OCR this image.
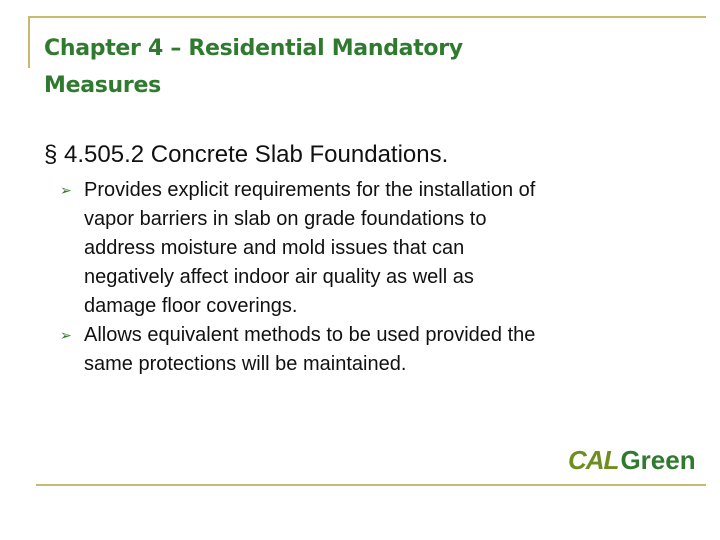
Chapter 4 – Residential Mandatory
Measures
§ 4.505.2 Concrete Slab Foundations.
➢ Provides explicit requirements for the installation of
vapor barriers in slab on grade foundations to
address moisture and mold issues that can
negatively affect indoor air quality as well as
damage floor coverings.
➢ Allows equivalent methods to be used provided the
same protections will be maintained.
CAL Green
